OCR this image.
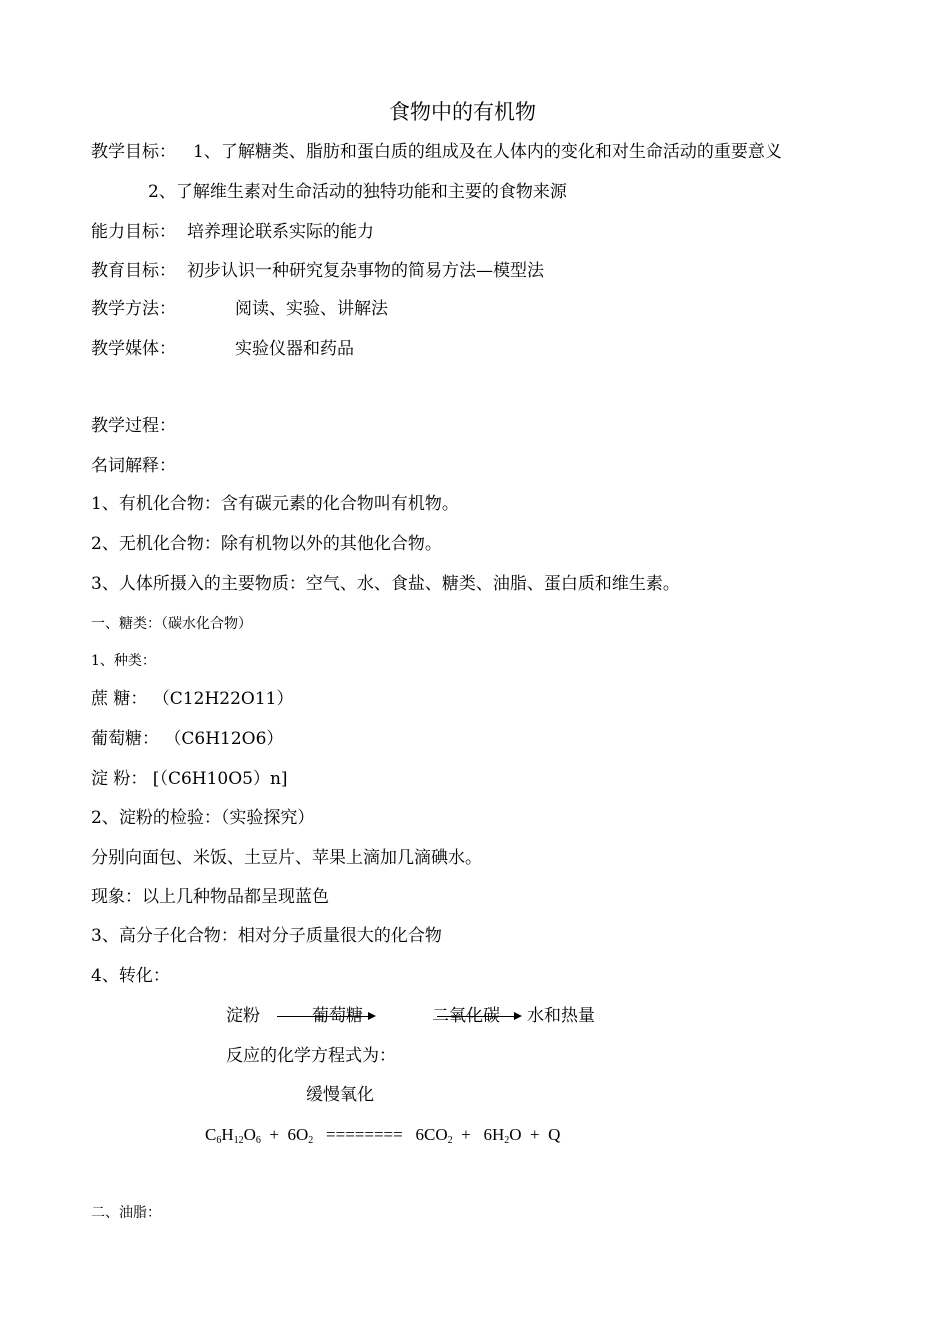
食物中的有机物
教学目标： 1、了解糖类、脂肪和蛋白质的组成及在人体内的变化和对生命活动的重要意义
2、了解维生素对生命活动的独特功能和主要的食物来源
能力目标： 培养理论联系实际的能力
教育目标： 初步认识一种研究复杂事物的简易方法—模型法
教学方法：	阅读、实验、讲解法
教学媒体：	实验仪器和药品
教学过程：
名词解释：
1、有机化合物：含有碳元素的化合物叫有机物。
2、无机化合物：除有机物以外的其他化合物。
3、人体所摄入的主要物质：空气、水、食盐、糖类、油脂、蛋白质和维生素。
一、糖类：（碳水化合物）
1、种类：
蔗 糖： （C12H22O11）
葡萄糖： （C6H12O6）
淀 粉： [（C6H10O5）n]
2、淀粉的检验：（实验探究）
分别向面包、米饭、土豆片、苹果上滴加几滴碘水。
现象：以上几种物品都呈现蓝色
3、高分子化合物：相对分子质量很大的化合物
4、转化：
淀粉	葡萄糖	二氧化碳 水和热量
反应的化学方程式为：
缓慢氧化
$C_6H_{12}O_6 + 6O_2$   ========   $6CO_2 + 6H_2O + Q$
二、油脂：
